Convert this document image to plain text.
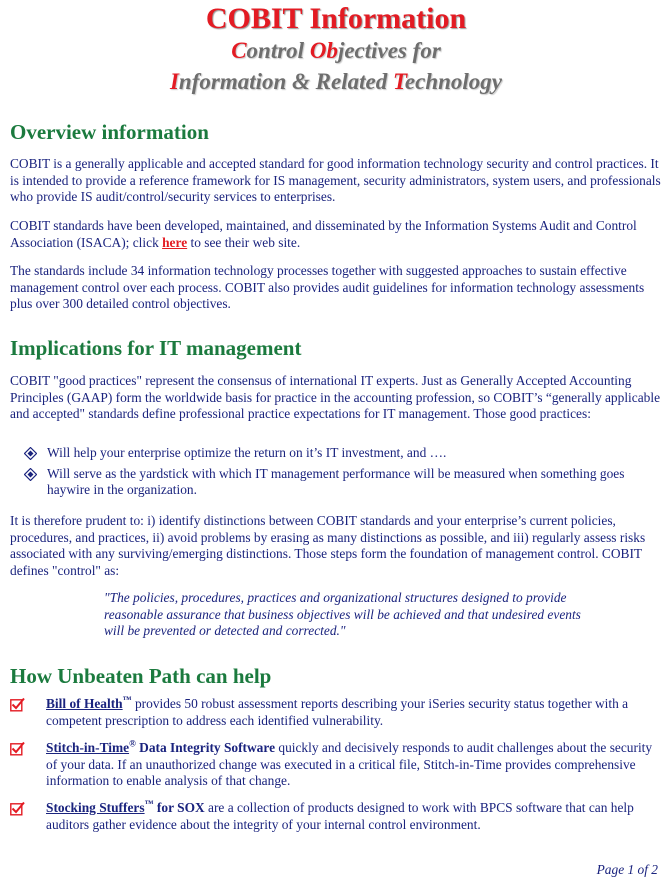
COBIT Information
Control Objectives for
Information & Related Technology
Overview information

COBIT is a generally applicable and accepted standard for good information technology security and control practices. It is intended to provide a reference framework for IS management, security administrators, system users, and professionals who provide IS audit/control/security services to enterprises.

COBIT standards have been developed, maintained, and disseminated by the Information Systems Audit and Control Association (ISACA); click here to see their web site.

The standards include 34 information technology processes together with suggested approaches to sustain effective management control over each process. COBIT also provides audit guidelines for information technology assessments plus over 300 detailed control objectives.

Implications for IT management

COBIT "good practices" represent the consensus of international IT experts. Just as Generally Accepted Accounting Principles (GAAP) form the worldwide basis for practice in the accounting profession, so COBIT’s “generally applicable and accepted" standards define professional practice expectations for IT management. Those good practices:

Will help your enterprise optimize the return on it’s IT investment, and ….
Will serve as the yardstick with which IT management performance will be measured when something goes haywire in the organization.

It is therefore prudent to: i) identify distinctions between COBIT standards and your enterprise’s current policies, procedures, and practices, ii) avoid problems by erasing as many distinctions as possible, and iii) regularly assess risks associated with any surviving/emerging distinctions. Those steps form the foundation of management control. COBIT defines "control" as:

"The policies, procedures, practices and organizational structures designed to provide reasonable assurance that business objectives will be achieved and that undesired events will be prevented or detected and corrected."
How Unbeaten Path can help
Bill of Health™ provides 50 robust assessment reports describing your iSeries security status together with a competent prescription to address each identified vulnerability.
Stitch-in-Time® Data Integrity Software quickly and decisively responds to audit challenges about the security of your data. If an unauthorized change was executed in a critical file, Stitch-in-Time provides comprehensive information to enable analysis of that change.
Stocking Stuffers™ for SOX are a collection of products designed to work with BPCS software that can help auditors gather evidence about the integrity of your internal control environment.
Page 1 of 2
